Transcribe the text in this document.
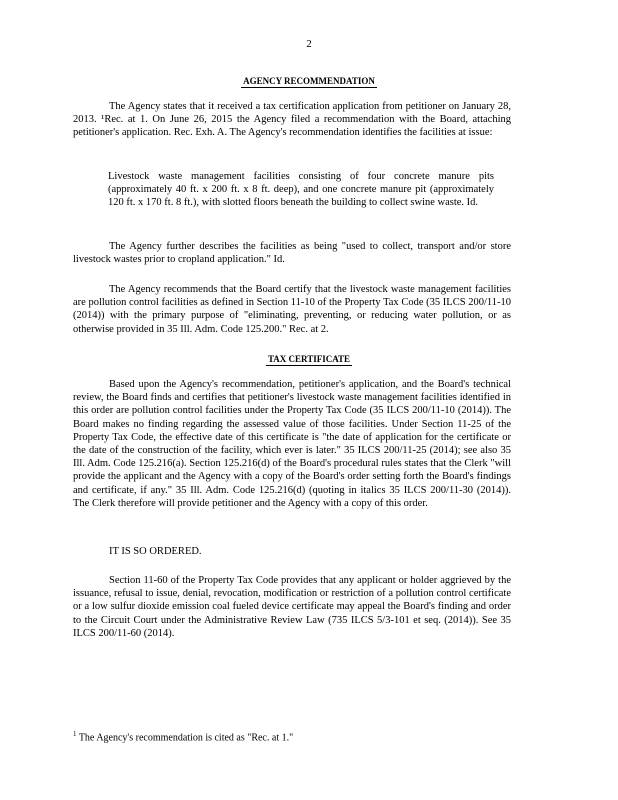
2
AGENCY RECOMMENDATION
The Agency states that it received a tax certification application from petitioner on January 28, 2013. ¹Rec. at 1. On June 26, 2015 the Agency filed a recommendation with the Board, attaching petitioner's application. Rec. Exh. A. The Agency's recommendation identifies the facilities at issue:
Livestock waste management facilities consisting of four concrete manure pits (approximately 40 ft. x 200 ft. x 8 ft. deep), and one concrete manure pit (approximately 120 ft. x 170 ft. 8 ft.), with slotted floors beneath the building to collect swine waste. Id.
The Agency further describes the facilities as being "used to collect, transport and/or store livestock wastes prior to cropland application." Id.
The Agency recommends that the Board certify that the livestock waste management facilities are pollution control facilities as defined in Section 11-10 of the Property Tax Code (35 ILCS 200/11-10 (2014)) with the primary purpose of "eliminating, preventing, or reducing water pollution, or as otherwise provided in 35 Ill. Adm. Code 125.200." Rec. at 2.
TAX CERTIFICATE
Based upon the Agency's recommendation, petitioner's application, and the Board's technical review, the Board finds and certifies that petitioner's livestock waste management facilities identified in this order are pollution control facilities under the Property Tax Code (35 ILCS 200/11-10 (2014)). The Board makes no finding regarding the assessed value of those facilities. Under Section 11-25 of the Property Tax Code, the effective date of this certificate is "the date of application for the certificate or the date of the construction of the facility, which ever is later." 35 ILCS 200/11-25 (2014); see also 35 Ill. Adm. Code 125.216(a). Section 125.216(d) of the Board's procedural rules states that the Clerk "will provide the applicant and the Agency with a copy of the Board's order setting forth the Board's findings and certificate, if any." 35 Ill. Adm. Code 125.216(d) (quoting in italics 35 ILCS 200/11-30 (2014)). The Clerk therefore will provide petitioner and the Agency with a copy of this order.
IT IS SO ORDERED.
Section 11-60 of the Property Tax Code provides that any applicant or holder aggrieved by the issuance, refusal to issue, denial, revocation, modification or restriction of a pollution control certificate or a low sulfur dioxide emission coal fueled device certificate may appeal the Board's finding and order to the Circuit Court under the Administrative Review Law (735 ILCS 5/3-101 et seq. (2014)). See 35 ILCS 200/11-60 (2014).
$^1$ The Agency's recommendation is cited as "Rec. at 1."
